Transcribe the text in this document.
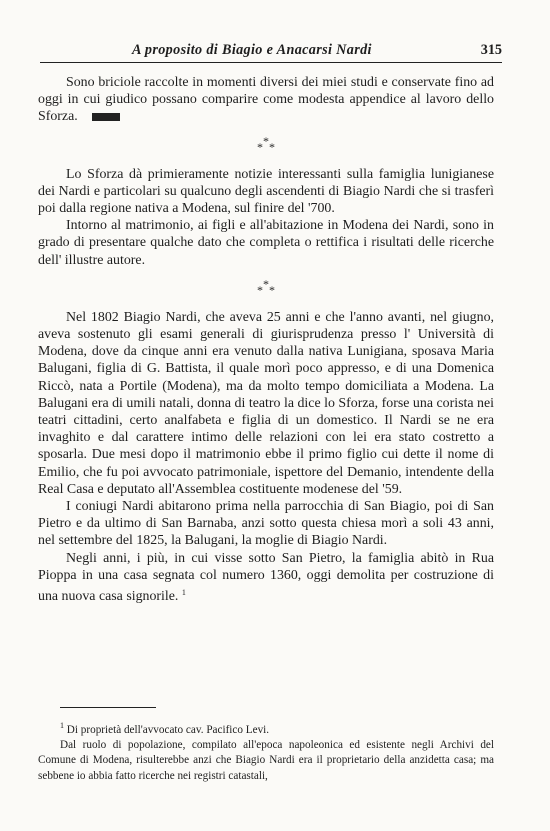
A proposito di Biagio e Anacarsi Nardi	315

Sono briciole raccolte in momenti diversi dei miei studi e conservate fino ad oggi in cui giudico possano comparire come modesta appendice al lavoro dello Sforza.

* * *

Lo Sforza dà primieramente notizie interessanti sulla famiglia lunigianese dei Nardi e particolari su qualcuno degli ascendenti di Biagio Nardi che si trasferì poi dalla regione nativa a Modena, sul finire del '700.

Intorno al matrimonio, ai figli e all'abitazione in Modena dei Nardi, sono in grado di presentare qualche dato che completa o rettifica i risultati delle ricerche dell' illustre autore.

* * *

Nel 1802 Biagio Nardi, che aveva 25 anni e che l'anno avanti, nel giugno, aveva sostenuto gli esami generali di giurisprudenza presso l' Università di Modena, dove da cinque anni era venuto dalla nativa Lunigiana, sposava Maria Balugani, figlia di G. Battista, il quale morì poco appresso, e di una Domenica Riccò, nata a Portile (Modena), ma da molto tempo domiciliata a Modena. La Balugani era di umili natali, donna di teatro la dice lo Sforza, forse una corista nei teatri cittadini, certo analfabeta e figlia di un domestico. Il Nardi se ne era invaghito e dal carattere intimo delle relazioni con lei era stato costretto a sposarla. Due mesi dopo il matrimonio ebbe il primo figlio cui dette il nome di Emilio, che fu poi avvocato patrimoniale, ispettore del Demanio, intendente della Real Casa e deputato all'Assemblea costituente modenese del '59.

I coniugi Nardi abitarono prima nella parrocchia di San Biagio, poi di San Pietro e da ultimo di San Barnaba, anzi sotto questa chiesa morì a soli 43 anni, nel settembre del 1825, la Balugani, la moglie di Biagio Nardi.

Negli anni, i più, in cui visse sotto San Pietro, la famiglia abitò in Rua Pioppa in una casa segnata col numero 1360, oggi demolita per costruzione di una nuova casa signorile. $^1$

$^1$ Di proprietà dell'avvocato cav. Pacifico Levi.

Dal ruolo di popolazione, compilato all'epoca napoleonica ed esistente negli Archivi del Comune di Modena, risulterebbe anzi che Biagio Nardi era il proprietario della anzidetta casa; ma sebbene io abbia fatto ricerche nei registri catastali,
